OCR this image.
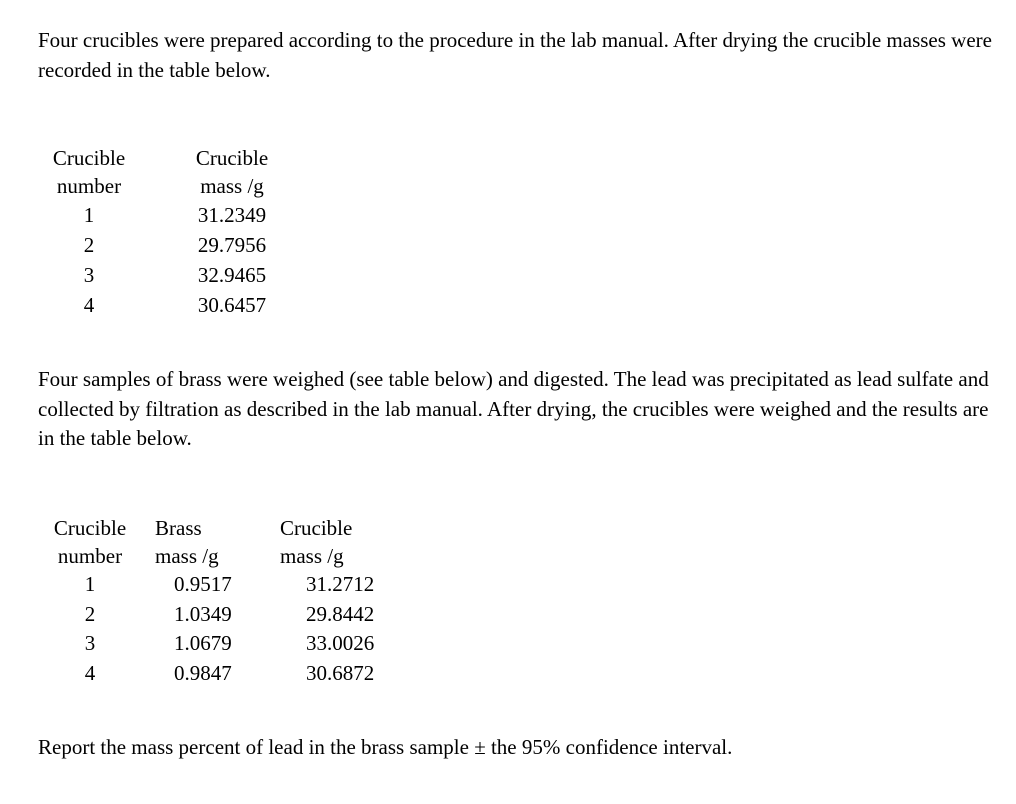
Four crucibles were prepared according to the procedure in the lab manual. After drying the crucible masses were recorded in the table below.

Crucible
number
1
2
3
4
Crucible
mass /g
31.2349
29.7956
32.9465
30.6457

Four samples of brass were weighed (see table below) and digested. The lead was precipitated as lead sulfate and collected by filtration as described in the lab manual. After drying, the crucibles were weighed and the results are in the table below.

Crucible
number
1
2
3
4
Brass
mass /g
0.9517
1.0349
1.0679
0.9847
Crucible
mass /g
31.2712
29.8442
33.0026
30.6872

Report the mass percent of lead in the brass sample ± the 95% confidence interval.
